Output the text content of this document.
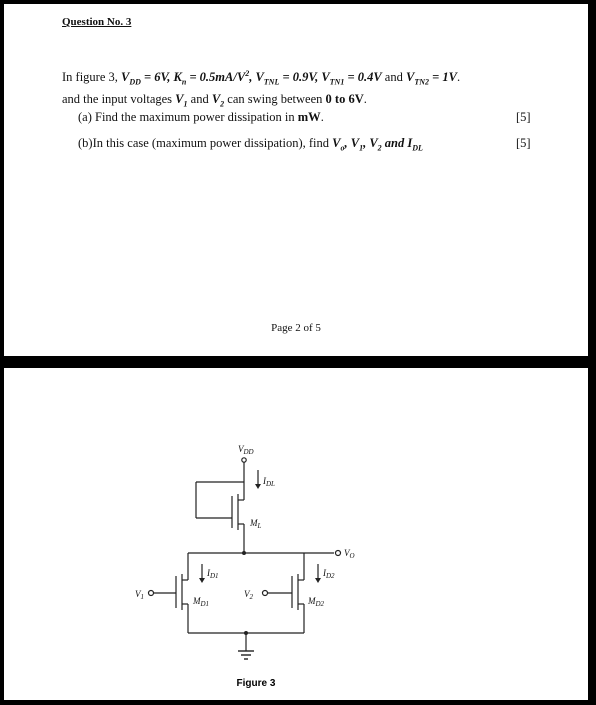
Question No. 3
In figure 3, $V_{DD} = 6V$, $K_n = 0.5mA/V^2$, $V_{TNL} = 0.9V$, $V_{TN1} = 0.4V$ and $V_{TN2} = 1V$.
and the input voltages $V_1$ and $V_2$ can swing between 0 to 6V.
(a) Find the maximum power dissipation in mW.	[5]
(b)In this case (maximum power dissipation), find $V_o$, $V_1$, $V_2$ and $I_{DL}$	[5]
Page 2 of 5
$V_{DD}$
$I_{DL}$
$M_L$
$V_O$
$I_{D1}$	$I_{D2}$
$V_1$	$M_{D1}$
$V_2$	$M_{D2}$
Figure 3
